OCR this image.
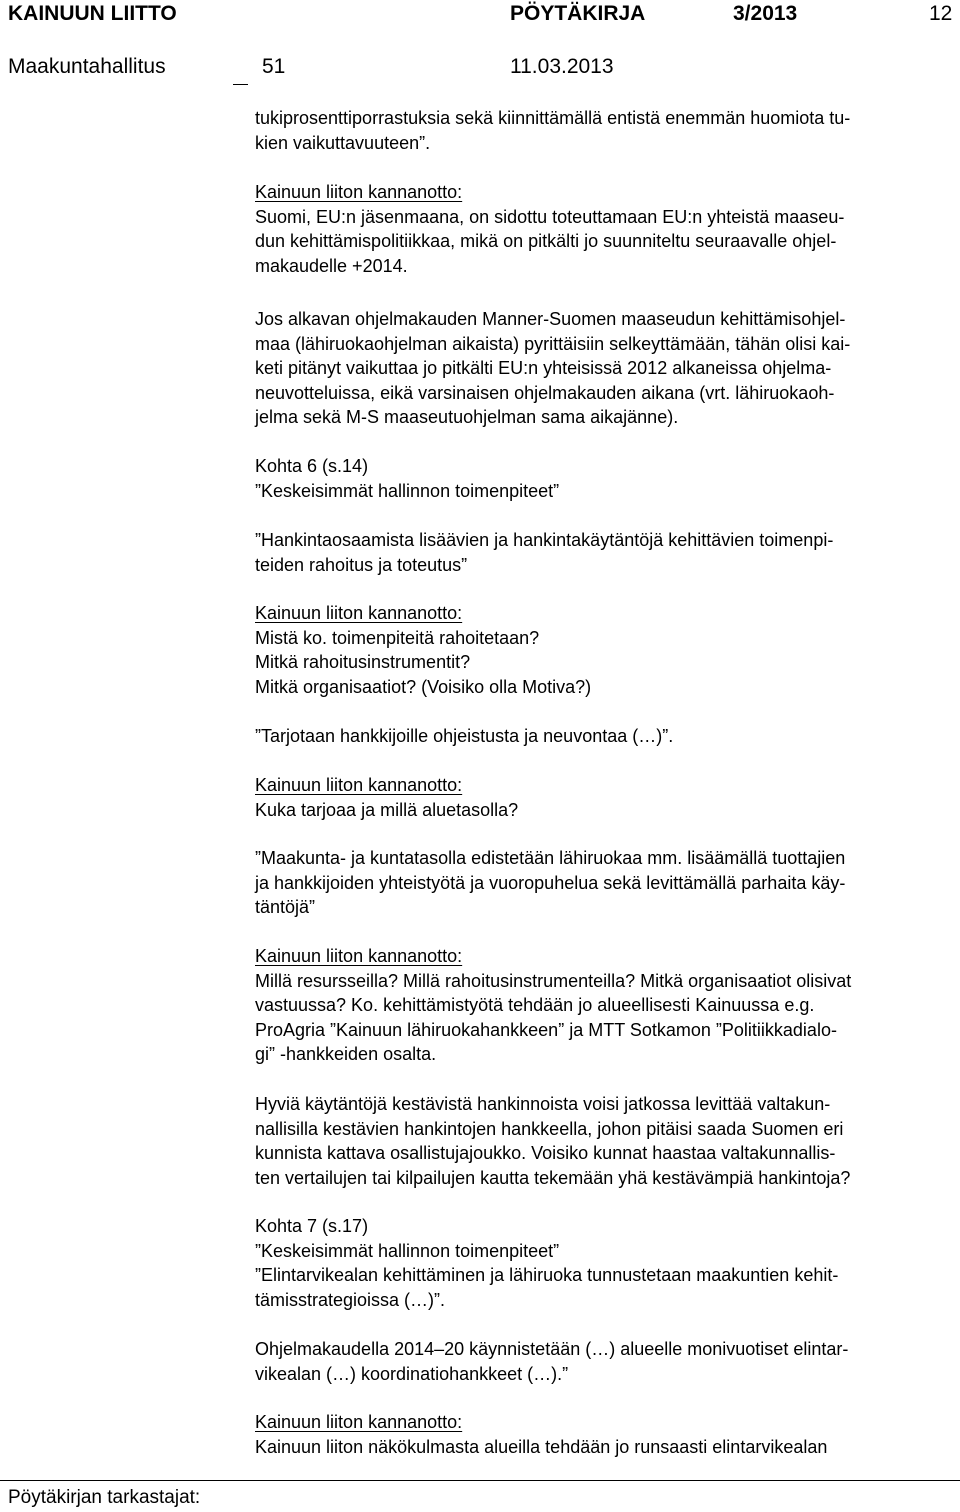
KAINUUN LIITTO	PÖYTÄKIRJA	3/2013	12
Maakuntahallitus	51	11.03.2013
tukiprosenttiporrastuksia sekä kiinnittämällä entistä enemmän huomiota tu-
kien vaikuttavuuteen”.
Kainuun liiton kannanotto:
Suomi, EU:n jäsenmaana, on sidottu toteuttamaan EU:n yhteistä maaseu-
dun kehittämispolitiikkaa, mikä on pitkälti jo suunniteltu seuraavalle ohjel-
makaudelle +2014.
Jos alkavan ohjelmakauden Manner-Suomen maaseudun kehittämisohjel-
maa (lähiruokaohjelman aikaista) pyrittäisiin selkeyttämään, tähän olisi kai-
keti pitänyt vaikuttaa jo pitkälti EU:n yhteisissä 2012 alkaneissa ohjelma-
neuvotteluissa, eikä varsinaisen ohjelmakauden aikana (vrt. lähiruokaoh-
jelma sekä M-S maaseutuohjelman sama aikajänne).
Kohta 6 (s.14)
”Keskeisimmät hallinnon toimenpiteet”
”Hankintaosaamista lisäävien ja hankintakäytäntöjä kehittävien toimenpi-
teiden rahoitus ja toteutus”
Kainuun liiton kannanotto:
Mistä ko. toimenpiteitä rahoitetaan?
Mitkä rahoitusinstrumentit?
Mitkä organisaatiot? (Voisiko olla Motiva?)
”Tarjotaan hankkijoille ohjeistusta ja neuvontaa (…)”.
Kainuun liiton kannanotto:
Kuka tarjoaa ja millä aluetasolla?
”Maakunta- ja kuntatasolla edistetään lähiruokaa mm. lisäämällä tuottajien
ja hankkijoiden yhteistyötä ja vuoropuhelua sekä levittämällä parhaita käy-
täntöjä”
Kainuun liiton kannanotto:
Millä resursseilla? Millä rahoitusinstrumenteilla? Mitkä organisaatiot olisivat
vastuussa? Ko. kehittämistyötä tehdään jo alueellisesti Kainuussa e.g.
ProAgria ”Kainuun lähiruokahankkeen” ja MTT Sotkamon ”Politiikkadialo-
gi” -hankkeiden osalta.
Hyviä käytäntöjä kestävistä hankinnoista voisi jatkossa levittää valtakun-
nallisilla kestävien hankintojen hankkeella, johon pitäisi saada Suomen eri
kunnista kattava osallistujajoukko. Voisiko kunnat haastaa valtakunnallis-
ten vertailujen tai kilpailujen kautta tekemään yhä kestävämpiä hankintoja?
Kohta 7 (s.17)
”Keskeisimmät hallinnon toimenpiteet”
”Elintarvikealan kehittäminen ja lähiruoka tunnustetaan maakuntien kehit-
tämisstrategioissa (…)”.
Ohjelmakaudella 2014–20 käynnistetään (…) alueelle monivuotiset elintar-
vikealan (…) koordinatiohankkeet (…).”
Kainuun liiton kannanotto:
Kainuun liiton näkökulmasta alueilla tehdään jo runsaasti elintarvikealan
Pöytäkirjan tarkastajat:
